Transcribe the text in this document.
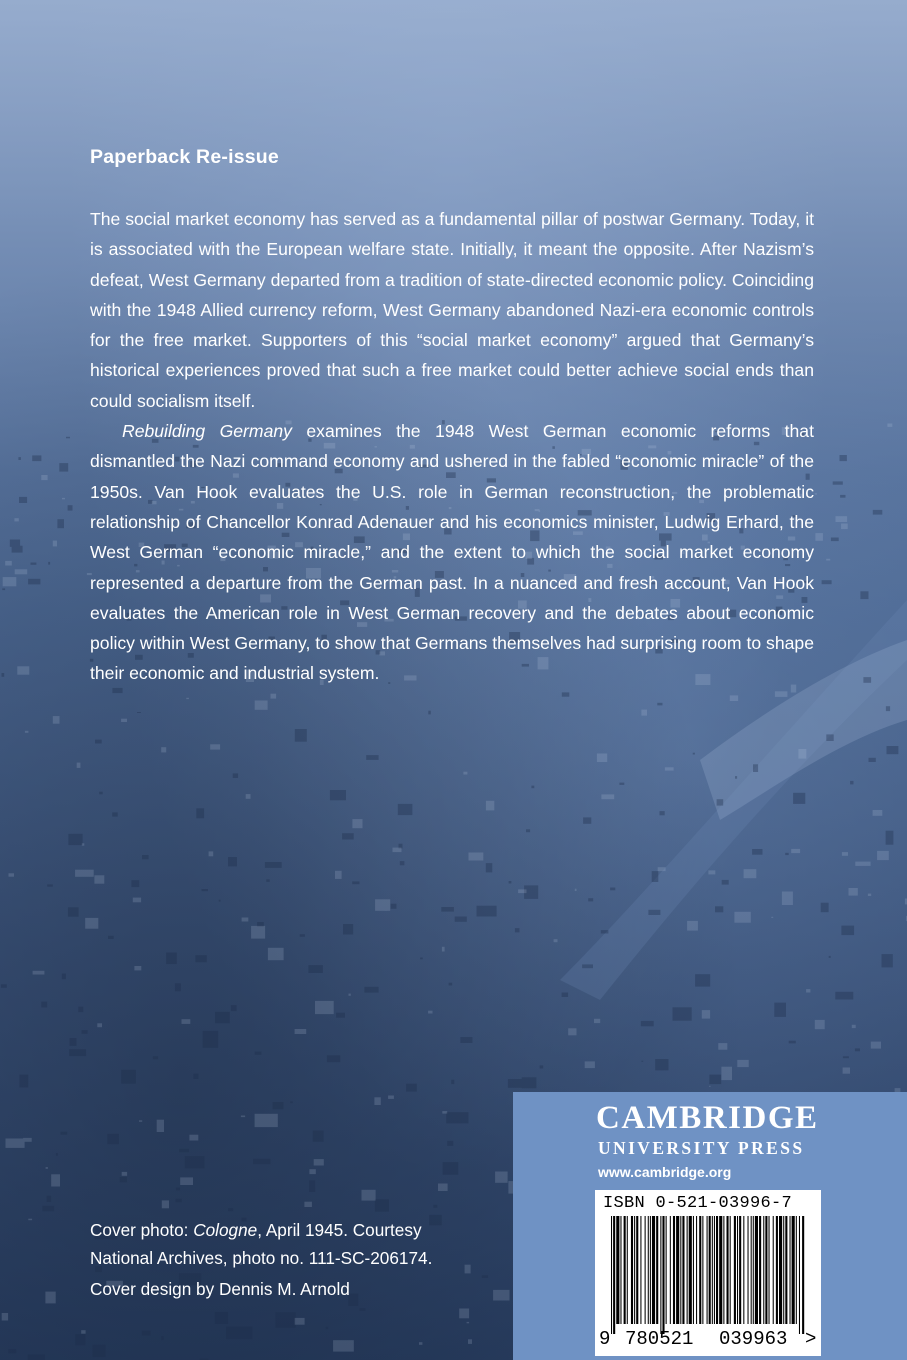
Paperback Re-issue

The social market economy has served as a fundamental pillar of postwar Germany. Today, it is associated with the European welfare state. Initially, it meant the opposite. After Nazism’s defeat, West Germany departed from a tradition of state-directed economic policy. Coinciding with the 1948 Allied currency reform, West Germany abandoned Nazi-era economic controls for the free market. Supporters of this “social market economy” argued that Germany’s historical experiences proved that such a free market could better achieve social ends than could socialism itself.

Rebuilding Germany examines the 1948 West German economic reforms that dismantled the Nazi command economy and ushered in the fabled “economic miracle” of the 1950s. Van Hook evaluates the U.S. role in German reconstruction, the problematic relationship of Chancellor Konrad Adenauer and his economics minister, Ludwig Erhard, the West German “economic miracle,” and the extent to which the social market economy represented a departure from the German past. In a nuanced and fresh account, Van Hook evaluates the American role in West German recovery and the debates about economic policy within West Germany, to show that Germans themselves had surprising room to shape their economic and industrial system.

Cover photo: Cologne, April 1945. Courtesy
National Archives, photo no. 111-SC-206174.
Cover design by Dennis M. Arnold

CAMBRIDGE

UNIVERSITY PRESS

www.cambridge.org

ISBN 0-521-03996-7

9 780521 039963 >
